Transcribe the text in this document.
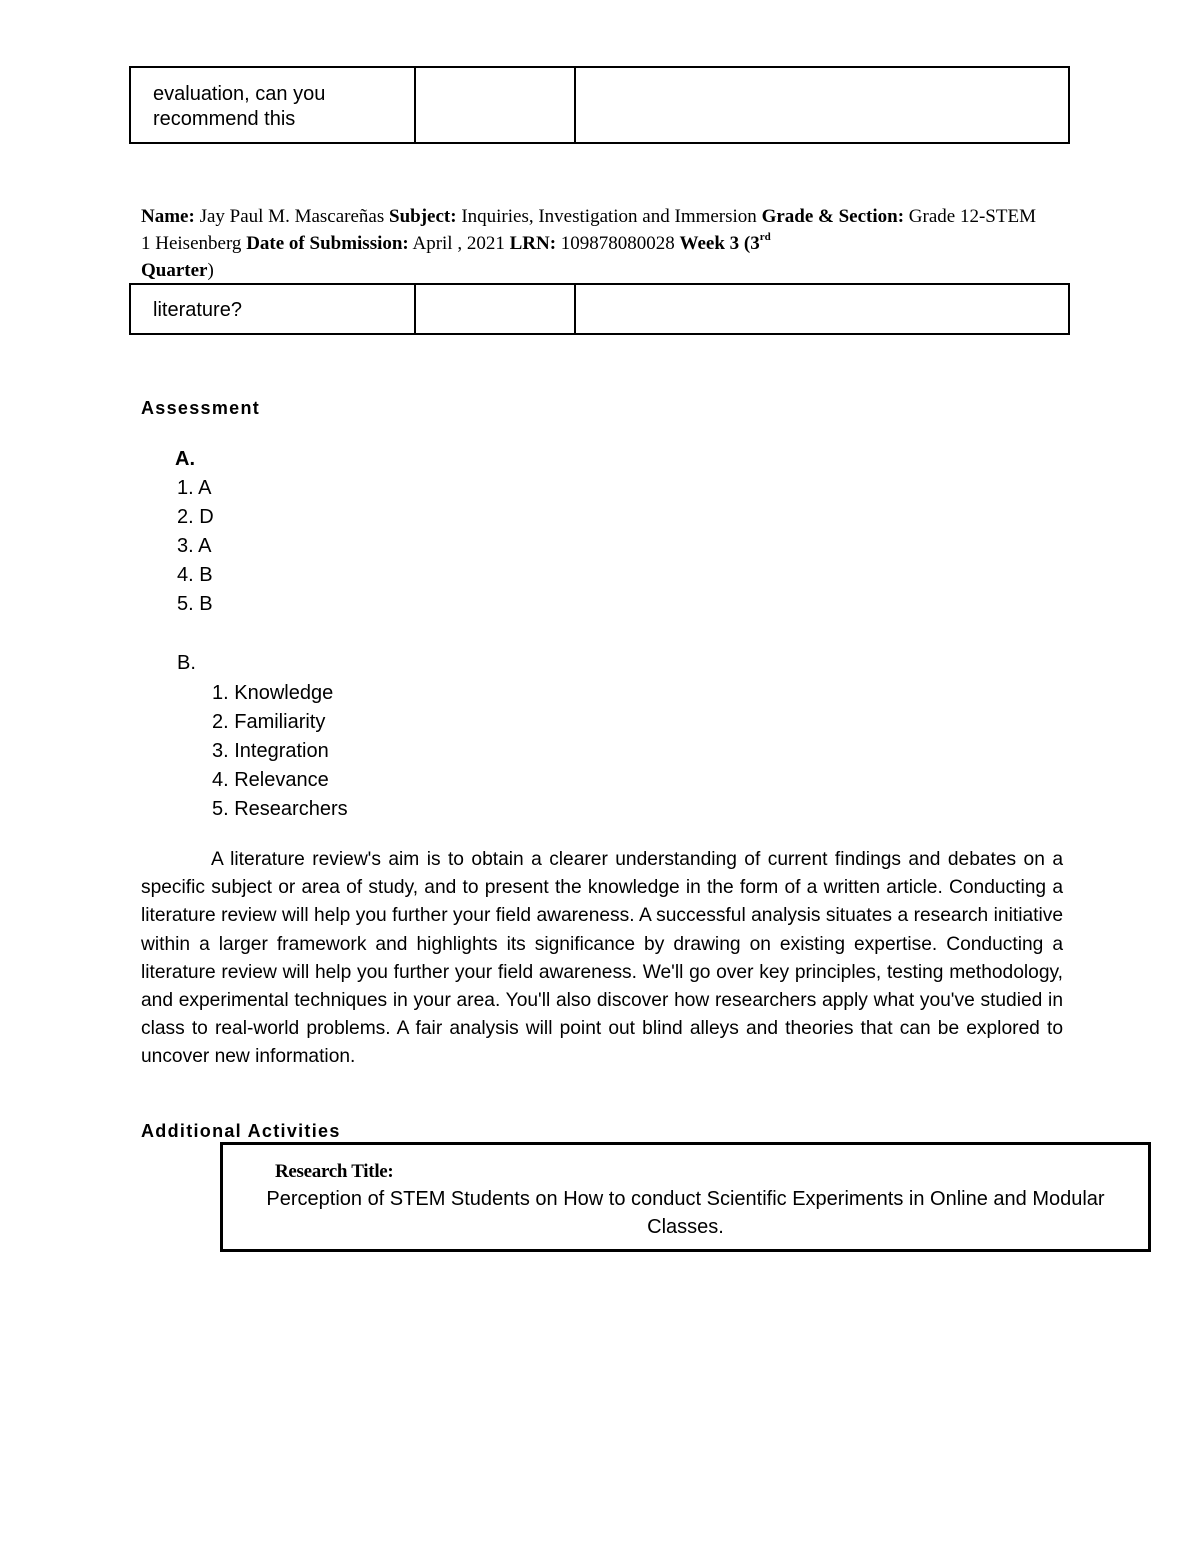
evaluation, can you recommend this
Name: Jay Paul M. Mascareñas Subject: Inquiries, Investigation and Immersion Grade & Section: Grade 12-STEM 1 Heisenberg Date of Submission: April , 2021 LRN: 109878080028 Week 3 (3rd
Quarter)
literature?
Assessment
A.
1. A
2. D
3. A
4. B
5. B
B.
1. Knowledge
2. Familiarity
3. Integration
4. Relevance
5. Researchers
A literature review's aim is to obtain a clearer understanding of current findings and debates on a specific subject or area of study, and to present the knowledge in the form of a written article. Conducting a literature review will help you further your field awareness. A successful analysis situates a research initiative within a larger framework and highlights its significance by drawing on existing expertise. Conducting a literature review will help you further your field awareness. We'll go over key principles, testing methodology, and experimental techniques in your area. You'll also discover how researchers apply what you've studied in class to real-world problems. A fair analysis will point out blind alleys and theories that can be explored to uncover new information.
Additional Activities
Research Title:
Perception of STEM Students on How to conduct Scientific Experiments in Online and Modular Classes.
